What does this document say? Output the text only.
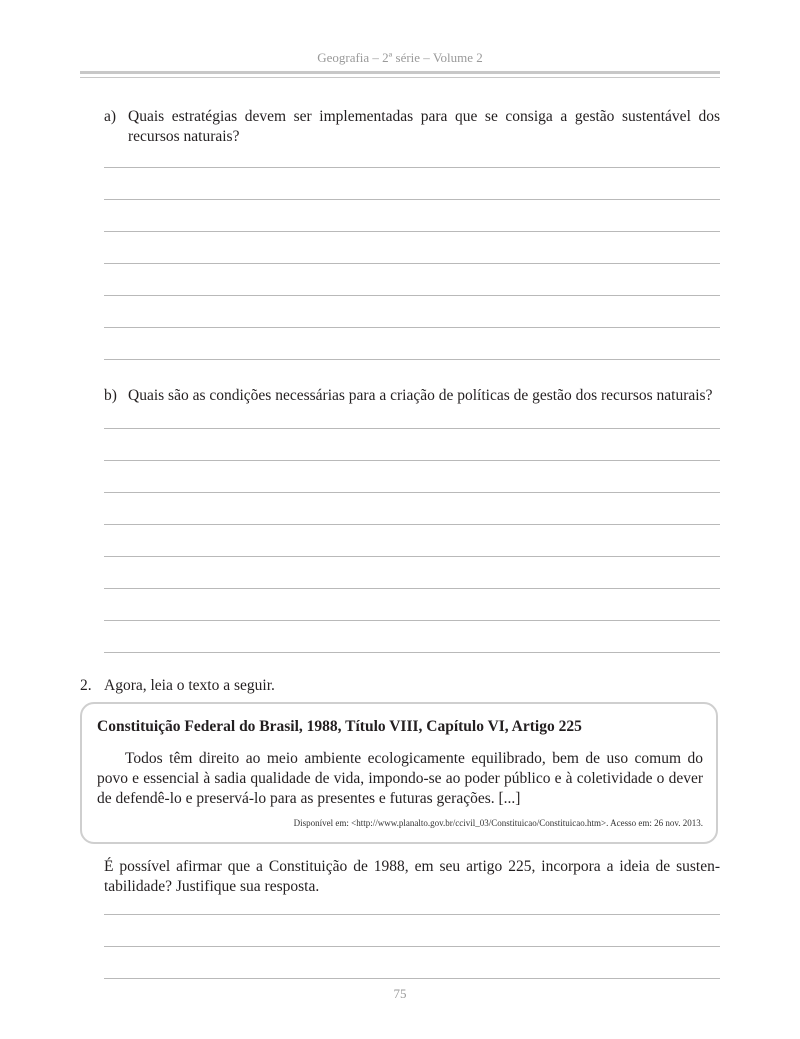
Geografia – 2ª série – Volume 2
a) Quais estratégias devem ser implementadas para que se consiga a gestão sustentável dos
recursos naturais?
b) Quais são as condições necessárias para a criação de políticas de gestão dos recursos naturais?
2. Agora, leia o texto a seguir.
Constituição Federal do Brasil, 1988, Título VIII, Capítulo VI, Artigo 225
Todos têm direito ao meio ambiente ecologicamente equilibrado, bem de uso comum do povo e essencial à sadia qualidade de vida, impondo-se ao poder público e à coletividade o dever de defendê-lo e preservá-lo para as presentes e futuras gerações. [...]
Disponível em: <http://www.planalto.gov.br/ccivil_03/Constituicao/Constituicao.htm>. Acesso em: 26 nov. 2013.
É possível afirmar que a Constituição de 1988, em seu artigo 225, incorpora a ideia de susten-
tabilidade? Justifique sua resposta.
75
